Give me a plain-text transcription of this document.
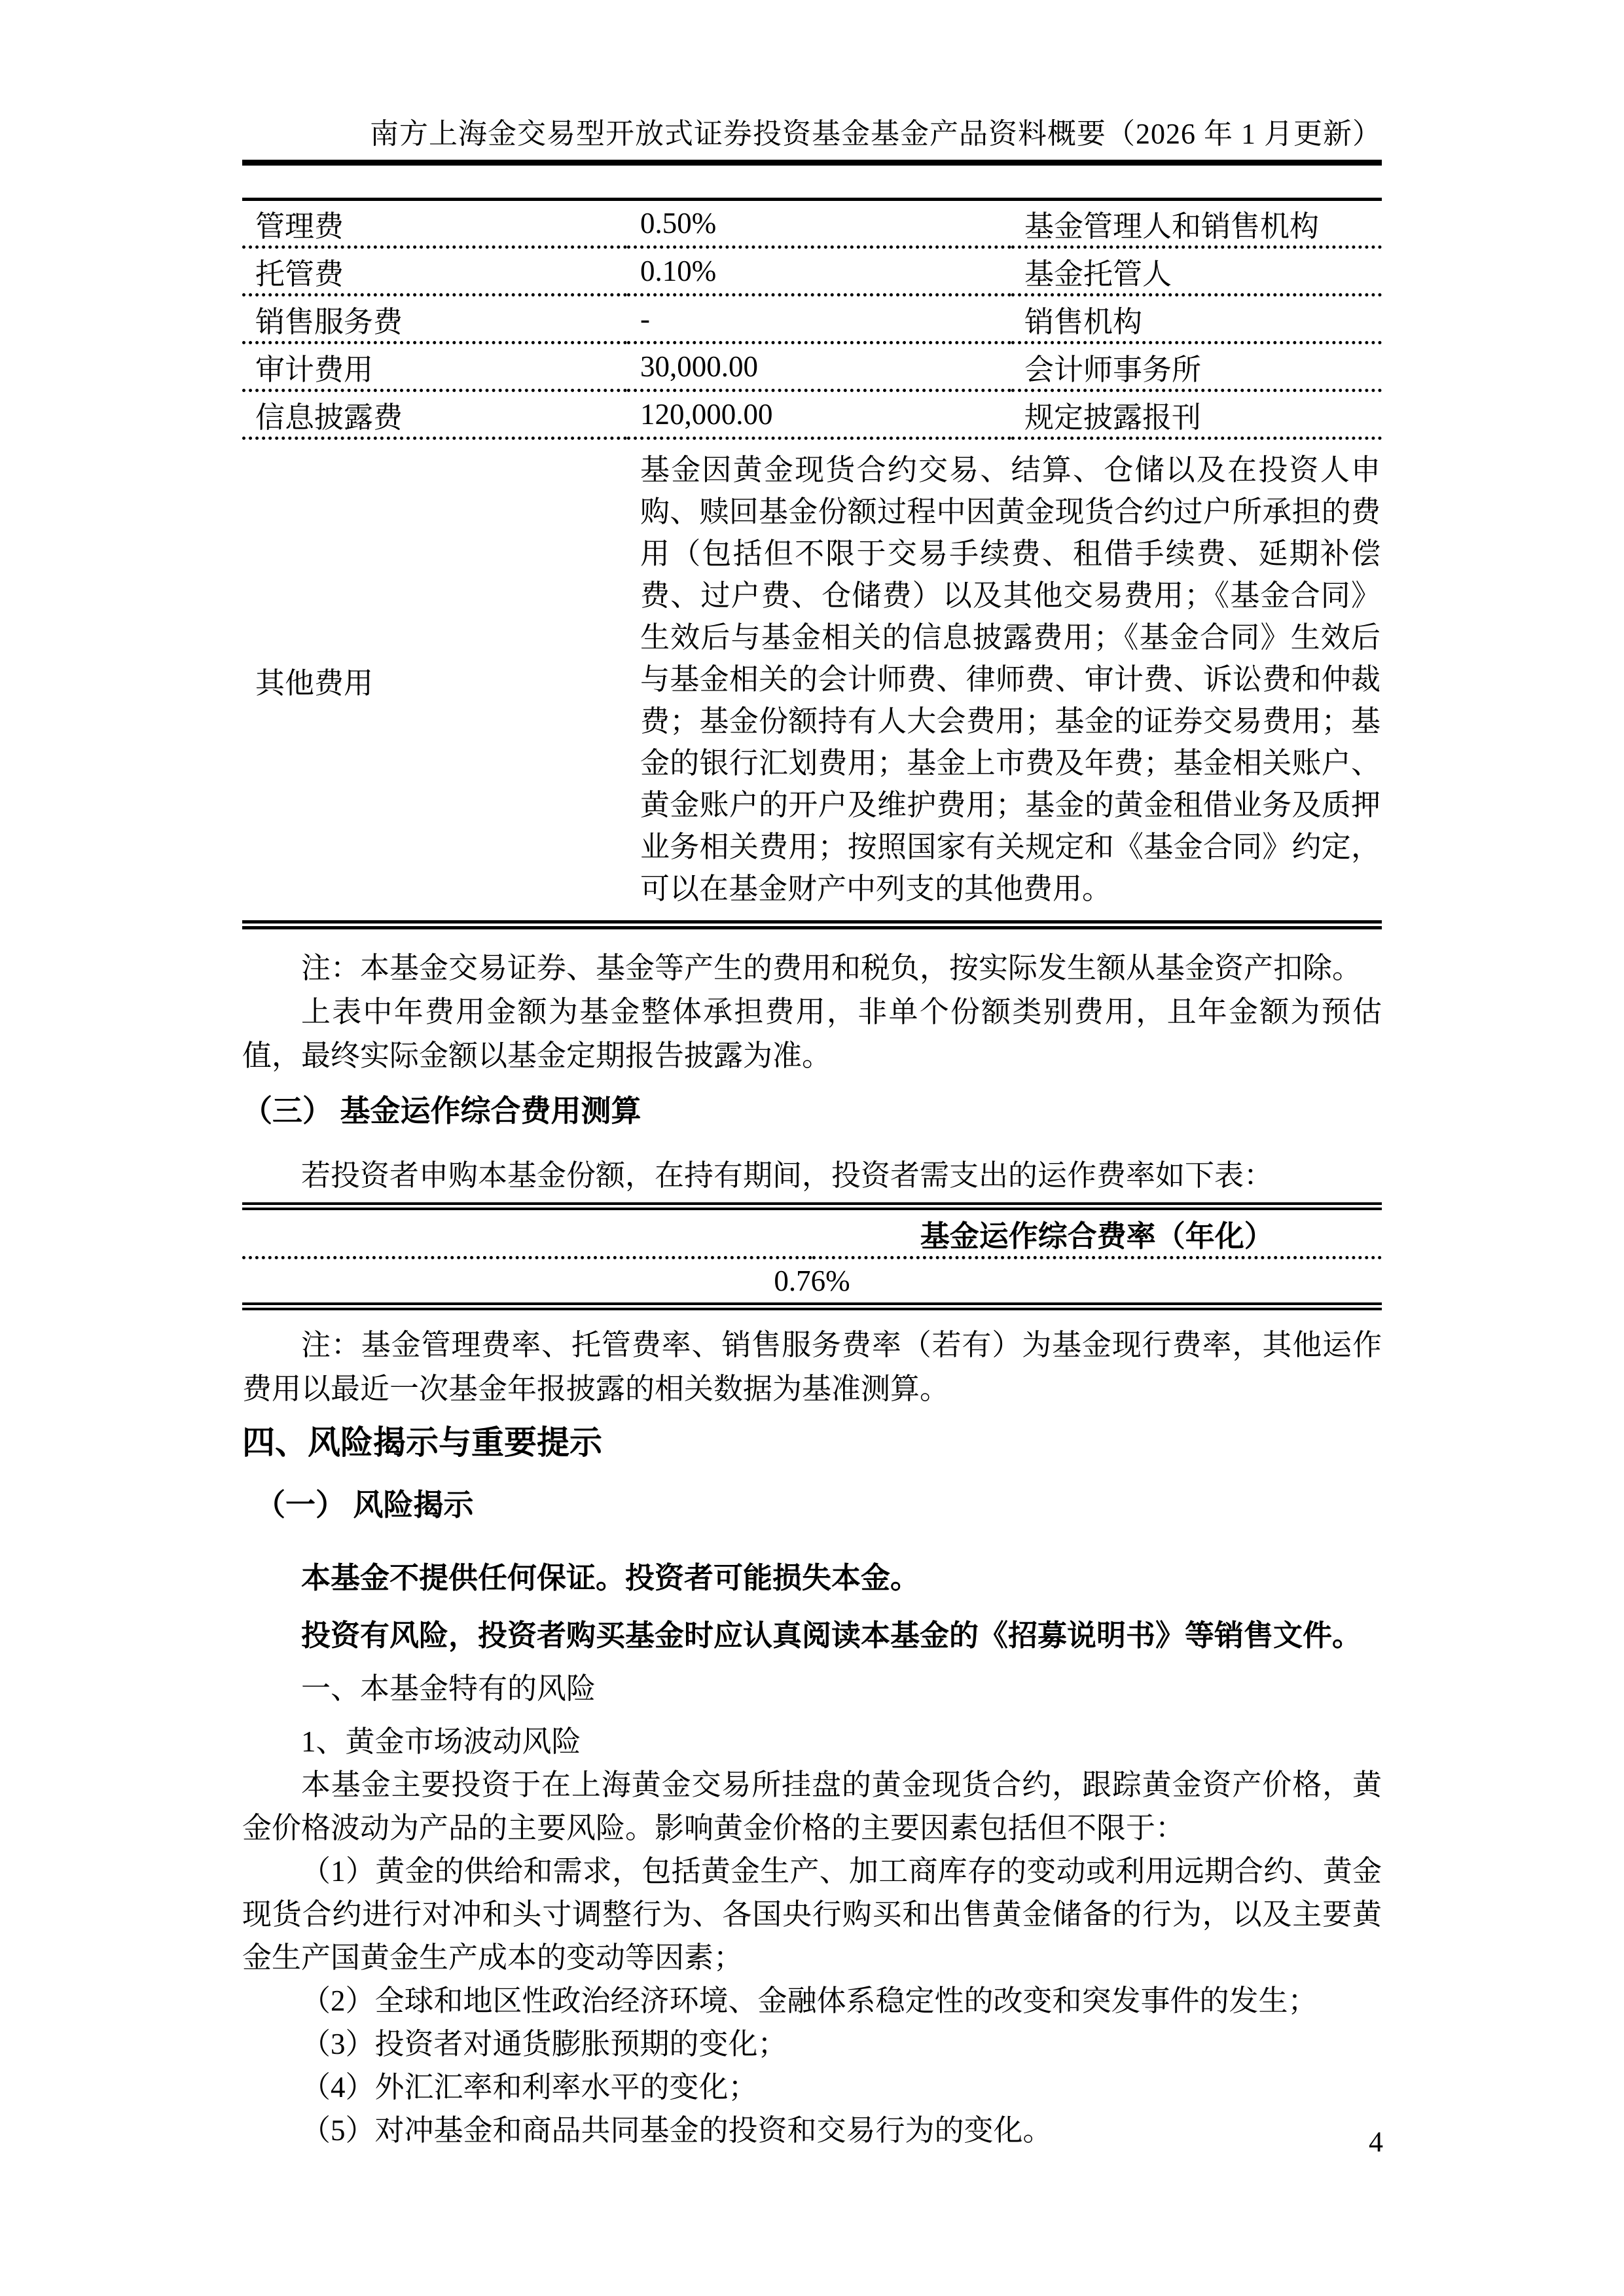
南方上海金交易型开放式证券投资基金基金产品资料概要（2026 年 1 月更新）
管理费	0.50%	基金管理人和销售机构
托管费	0.10%	基金托管人
销售服务费	-	销售机构
审计费用	30,000.00	会计师事务所
信息披露费	120,000.00	规定披露报刊
其他费用	基金因黄金现货合约交易、结算、仓储以及在投资人申购、赎回基金份额过程中因黄金现货合约过户所承担的费用（包括但不限于交易手续费、租借手续费、延期补偿费、过户费、仓储费）以及其他交易费用；《基金合同》生效后与基金相关的信息披露费用；《基金合同》生效后与基金相关的会计师费、律师费、审计费、诉讼费和仲裁费；基金份额持有人大会费用；基金的证券交易费用；基金的银行汇划费用；基金上市费及年费；基金相关账户、黄金账户的开户及维护费用；基金的黄金租借业务及质押业务相关费用；按照国家有关规定和《基金合同》约定，可以在基金财产中列支的其他费用。	

注：本基金交易证券、基金等产生的费用和税负，按实际发生额从基金资产扣除。

上表中年费用金额为基金整体承担费用，非单个份额类别费用，且年金额为预估值，最终实际金额以基金定期报告披露为准。

（三） 基金运作综合费用测算

若投资者申购本基金份额，在持有期间，投资者需支出的运作费率如下表：

	基金运作综合费率（年化）
0.76%

注：基金管理费率、托管费率、销售服务费率（若有）为基金现行费率，其他运作费用以最近一次基金年报披露的相关数据为基准测算。

四、风险揭示与重要提示

（一） 风险揭示

本基金不提供任何保证。投资者可能损失本金。

投资有风险，投资者购买基金时应认真阅读本基金的《招募说明书》等销售文件。

一、本基金特有的风险

1、黄金市场波动风险

本基金主要投资于在上海黄金交易所挂盘的黄金现货合约，跟踪黄金资产价格，黄金价格波动为产品的主要风险。影响黄金价格的主要因素包括但不限于：

（1）黄金的供给和需求，包括黄金生产、加工商库存的变动或利用远期合约、黄金现货合约进行对冲和头寸调整行为、各国央行购买和出售黄金储备的行为，以及主要黄金生产国黄金生产成本的变动等因素；

（2）全球和地区性政治经济环境、金融体系稳定性的改变和突发事件的发生；

（3）投资者对通货膨胀预期的变化；

（4）外汇汇率和利率水平的变化；

（5）对冲基金和商品共同基金的投资和交易行为的变化。	4
